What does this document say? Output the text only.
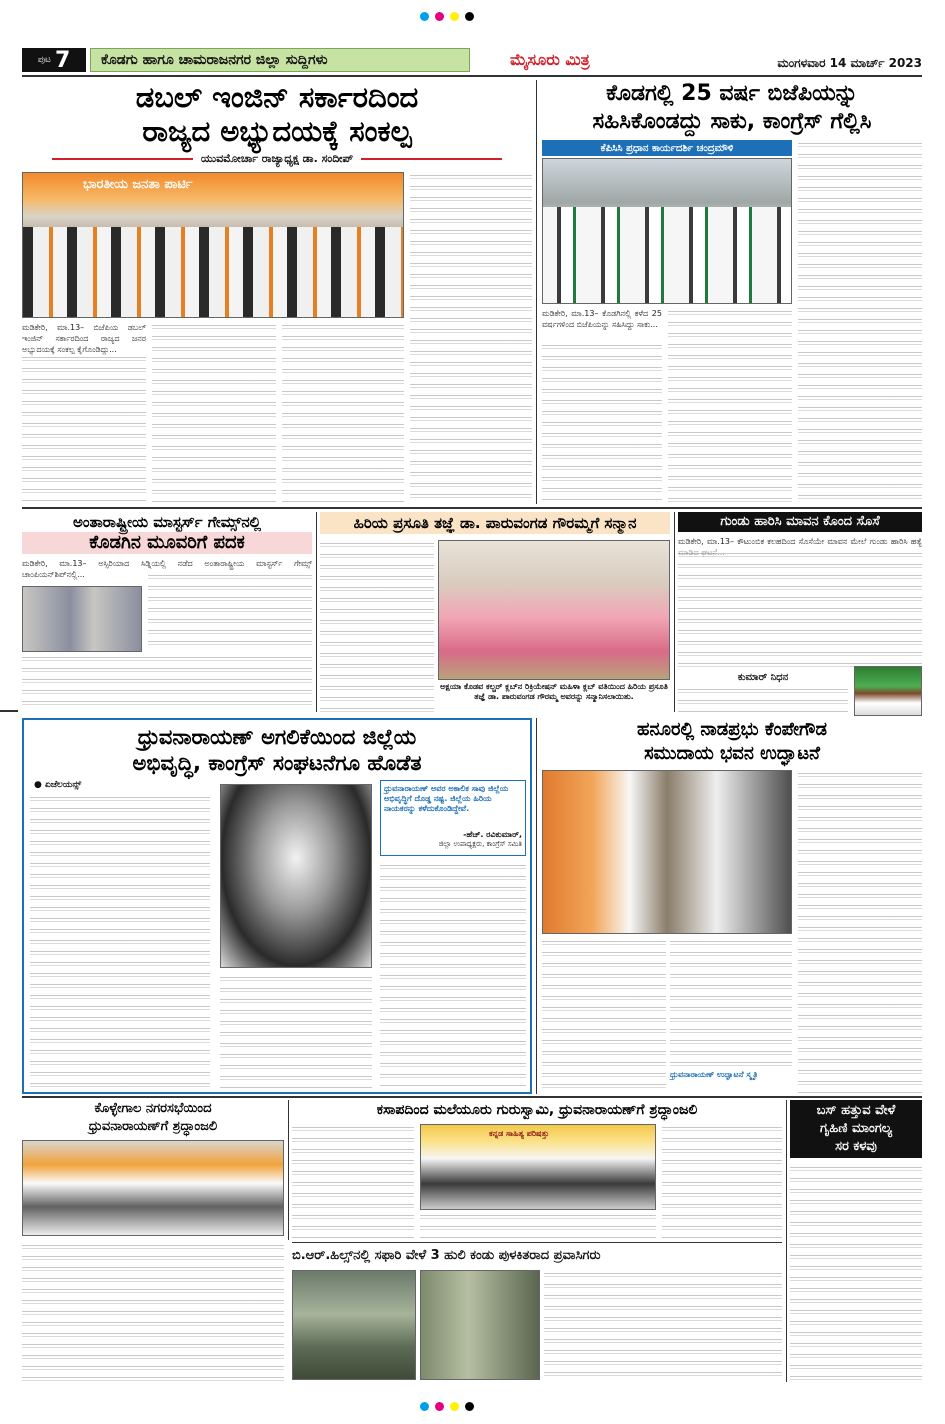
ಪುಟ 7 ಕೊಡಗು ಹಾಗೂ ಚಾಮರಾಜನಗರ ಜಿಲ್ಲಾ ಸುದ್ದಿಗಳು	ಮೈಸೂರು ಮಿತ್ರ	ಮಂಗಳವಾರ 14 ಮಾರ್ಚ್ 2023
ಡಬಲ್ ಇಂಜಿನ್ ಸರ್ಕಾರದಿಂದ
ರಾಜ್ಯದ ಅಭ್ಯುದಯಕ್ಕೆ ಸಂಕಲ್ಪ
ಯುವಮೋರ್ಚಾ ರಾಜ್ಯಾಧ್ಯಕ್ಷ ಡಾ. ಸಂದೀಪ್
ಭಾರತೀಯ ಜನತಾ ಪಾರ್ಟಿ
ಮಡಿಕೇರಿ, ಮಾ.13– ಬಿಜೆಪಿಯ ಡಬಲ್ ಇಂಜಿನ್ ಸರ್ಕಾರದಿಂದ ರಾಜ್ಯದ ಜನರ ಅಭ್ಯುದಯಕ್ಕೆ ಸಂಕಲ್ಪ ಕೈಗೊಂಡಿದ್ದು...
ಕೊಡಗಲ್ಲಿ 25 ವರ್ಷ ಬಿಜೆಪಿಯನ್ನು
ಸಹಿಸಿಕೊಂಡದ್ದು ಸಾಕು, ಕಾಂಗ್ರೆಸ್ ಗೆಲ್ಲಿಸಿ
ಕೆಪಿಸಿಸಿ ಪ್ರಧಾನ ಕಾರ್ಯದರ್ಶಿ ಚಂದ್ರಮೌಳಿ
ಮಡಿಕೇರಿ, ಮಾ.13– ಕೊಡಗಿನಲ್ಲಿ ಕಳೆದ 25 ವರ್ಷಗಳಿಂದ ಬಿಜೆಪಿಯನ್ನು ಸಹಿಸಿದ್ದು ಸಾಕು...
ಅಂತಾರಾಷ್ಟ್ರೀಯ ಮಾಸ್ಟರ್ಸ್ ಗೇಮ್ಸ್‌ನಲ್ಲಿ
ಕೊಡಗಿನ ಮೂವರಿಗೆ ಪದಕ
ಮಡಿಕೇರಿ, ಮಾ.13– ಅಸ್ಸಿರಿಯಾದ ಸಿಡ್ನಿಯಲ್ಲಿ ನಡೆದ ಅಂತಾರಾಷ್ಟ್ರೀಯ ಮಾಸ್ಟರ್ಸ್ ಗೇಮ್ಸ್ ಚಾಂಪಿಯನ್‌ಶಿಪ್‌ನಲ್ಲಿ...
ಹಿರಿಯ ಪ್ರಸೂತಿ ತಜ್ಞೆ ಡಾ. ಪಾರುವಂಗಡ ಗೌರಮ್ಮಗೆ ಸನ್ಮಾನ
ಅಕ್ಷಯಾ ಕೊಡವ ಕಲ್ಚರ್ ಕ್ಲಬ್‌ನ ರಿಕ್ರಿಯೇಷನ್ ಮಹಿಳಾ ಕ್ಲಬ್ ವತಿಯಿಂದ ಹಿರಿಯ ಪ್ರಸೂತಿ ತಜ್ಞೆ ಡಾ. ಪಾರುವಂಗಡ ಗೌರಮ್ಮ ಅವರನ್ನು ಸನ್ಮಾನಿಸಲಾಯಿತು.
ಗುಂಡು ಹಾರಿಸಿ ಮಾವನ ಕೊಂದ ಸೊಸೆ
ಮಡಿಕೇರಿ, ಮಾ.13– ಕೌಟುಂಬಿಕ ಕಲಹದಿಂದ ಸೊಸೆಯೇ ಮಾವನ ಮೇಲೆ ಗುಂಡು ಹಾರಿಸಿ ಹತ್ಯೆ
ಕುಮಾರ್ ನಿಧನ
ಧ್ರುವನಾರಾಯಣ್ ಅಗಲಿಕೆಯಿಂದ ಜಿಲ್ಲೆಯ
ಅಭಿವೃದ್ಧಿ, ಕಾಂಗ್ರೆಸ್ ಸಂಘಟನೆಗೂ ಹೊಡೆತ
● ಏಜೆಲಯನ್ಸ್	ಧ್ರುವನಾರಾಯಣ್ ಅವರ ಅಕಾಲಿಕ ಸಾವು ಜಿಲ್ಲೆಯ ಅಭಿವೃದ್ಧಿಗೆ ದೊಡ್ಡ ನಷ್ಟ. ಜಿಲ್ಲೆಯ ಹಿರಿಯ ನಾಯಕರನ್ನು ಕಳೆದುಕೊಂಡಿದ್ದೇವೆ.
-ಹೆಚ್. ರವಿಕುಮಾರ್,
ಜಿಲ್ಲಾ ಉಪಾಧ್ಯಕ್ಷರು, ಕಾಂಗ್ರೆಸ್ ಸಮಿತಿ
ಹನೂರಲ್ಲಿ ನಾಡಪ್ರಭು ಕೆಂಪೇಗೌಡ
ಸಮುದಾಯ ಭವನ ಉದ್ಘಾಟನೆ
ಧ್ರುವನಾರಾಯಣ್ ಉದ್ಘಾಟನೆ ಸ್ಮೃತಿ
ಕೊಳ್ಳೇಗಾಲ ನಗರಸಭೆಯಿಂದ
ಧ್ರುವನಾರಾಯಣ್‌ಗೆ ಶ್ರದ್ಧಾಂಜಲಿ
ಕಸಾಪದಿಂದ ಮಲೆಯೂರು ಗುರುಸ್ವಾಮಿ, ಧ್ರುವನಾರಾಯಣ್‌ಗೆ ಶ್ರದ್ಧಾಂಜಲಿ
ಕನ್ನಡ ಸಾಹಿತ್ಯ ಪರಿಷತ್ತು
ಬಸ್ ಹತ್ತುವ ವೇಳೆ
ಗೃಹಿಣಿ ಮಾಂಗಲ್ಯ
ಸರ ಕಳವು
ಬಿ.ಆರ್.ಹಿಲ್ಸ್‌ನಲ್ಲಿ ಸಫಾರಿ ವೇಳೆ 3 ಹುಲಿ ಕಂಡು ಪುಳಕಿತರಾದ ಪ್ರವಾಸಿಗರು
